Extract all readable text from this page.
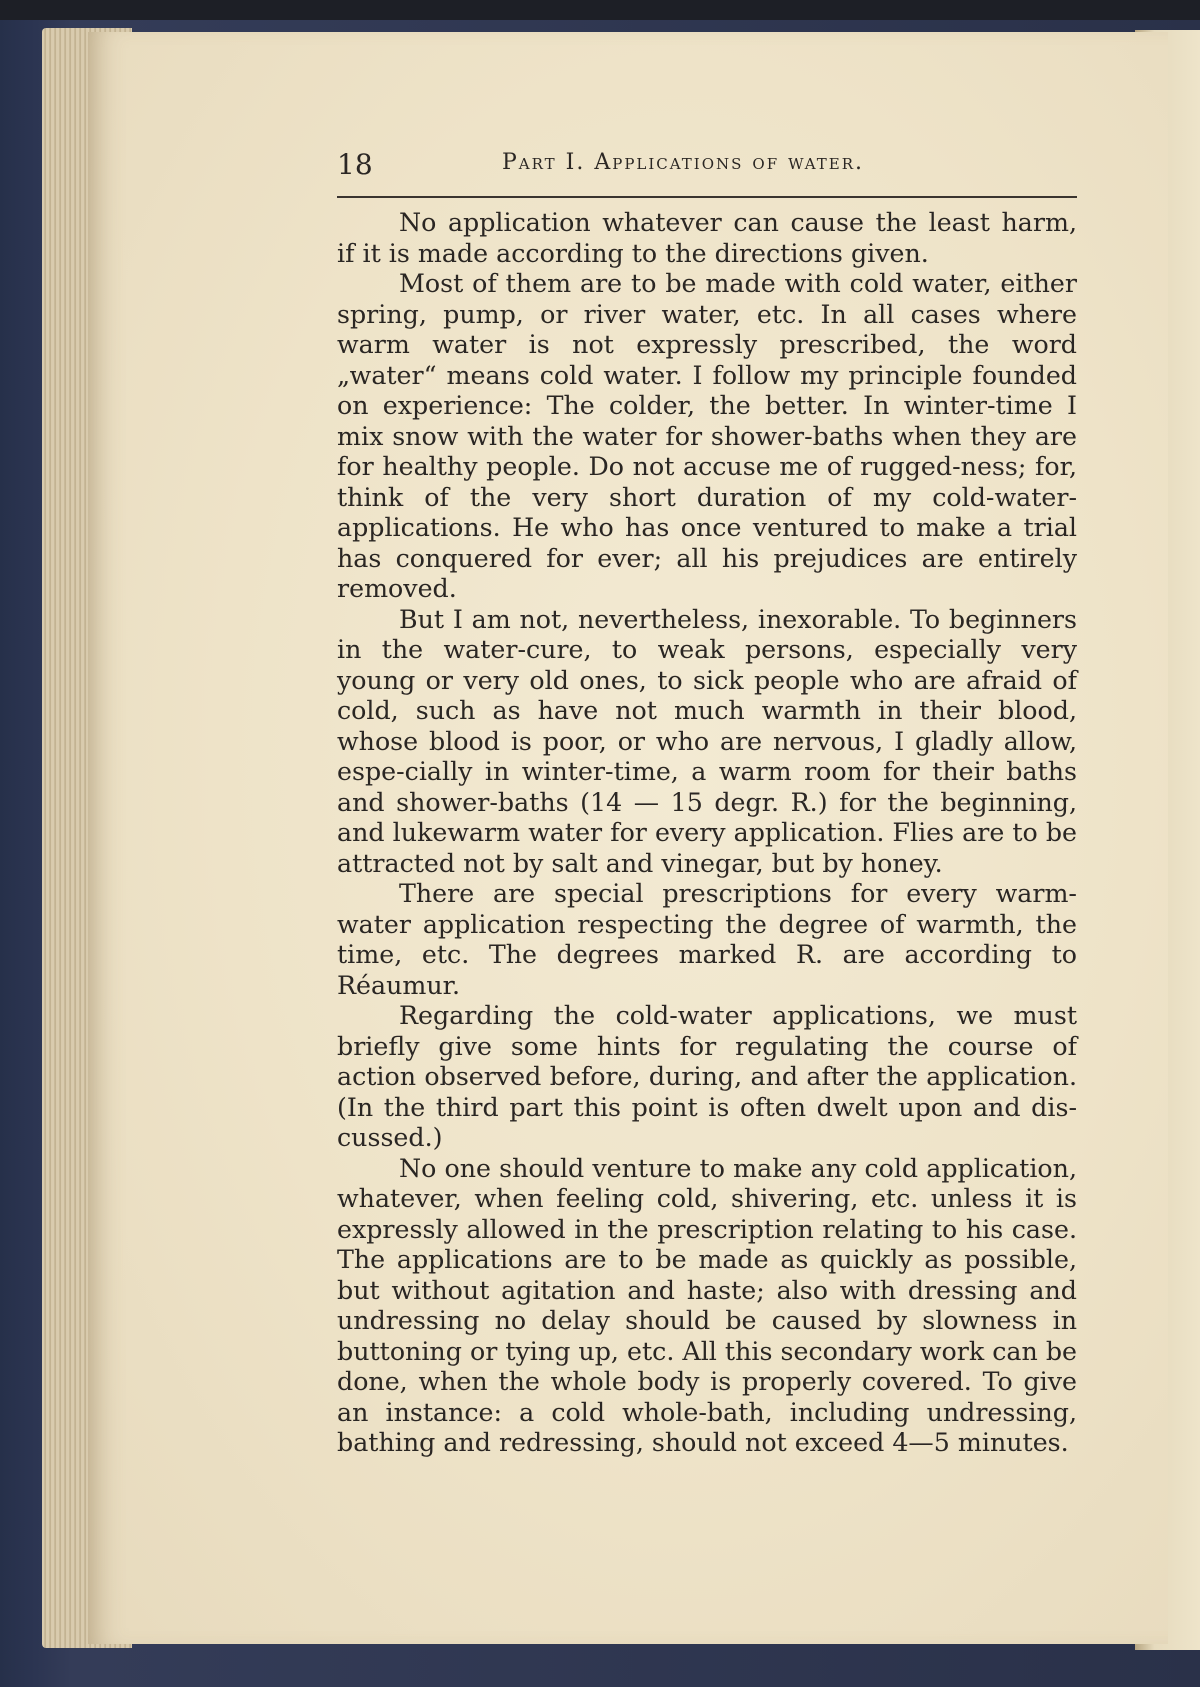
18	Part I. Applications of water.

No application whatever can cause the least harm, if it is made according to the directions given.

Most of them are to be made with cold water, either spring, pump, or river water, etc. In all cases where warm water is not expressly prescribed, the word „water“ means cold water. I follow my principle founded on experience: The colder, the better. In winter-time I mix snow with the water for shower-baths when they are for healthy people. Do not accuse me of rugged-ness; for, think of the very short duration of my cold-water-applications. He who has once ventured to make a trial has conquered for ever; all his prejudices are entirely removed.

But I am not, nevertheless, inexorable. To beginners in the water-cure, to weak persons, especially very young or very old ones, to sick people who are afraid of cold, such as have not much warmth in their blood, whose blood is poor, or who are nervous, I gladly allow, espe-cially in winter-time, a warm room for their baths and shower-baths (14 — 15 degr. R.) for the beginning, and lukewarm water for every application. Flies are to be attracted not by salt and vinegar, but by honey.

There are special prescriptions for every warm-water application respecting the degree of warmth, the time, etc. The degrees marked R. are according to Réaumur.

Regarding the cold-water applications, we must briefly give some hints for regulating the course of action observed before, during, and after the application. (In the third part this point is often dwelt upon and dis-cussed.)

No one should venture to make any cold application, whatever, when feeling cold, shivering, etc. unless it is expressly allowed in the prescription relating to his case. The applications are to be made as quickly as possible, but without agitation and haste; also with dressing and undressing no delay should be caused by slowness in buttoning or tying up, etc. All this secondary work can be done, when the whole body is properly covered. To give an instance: a cold whole-bath, including undressing, bathing and redressing, should not exceed 4—5 minutes.
